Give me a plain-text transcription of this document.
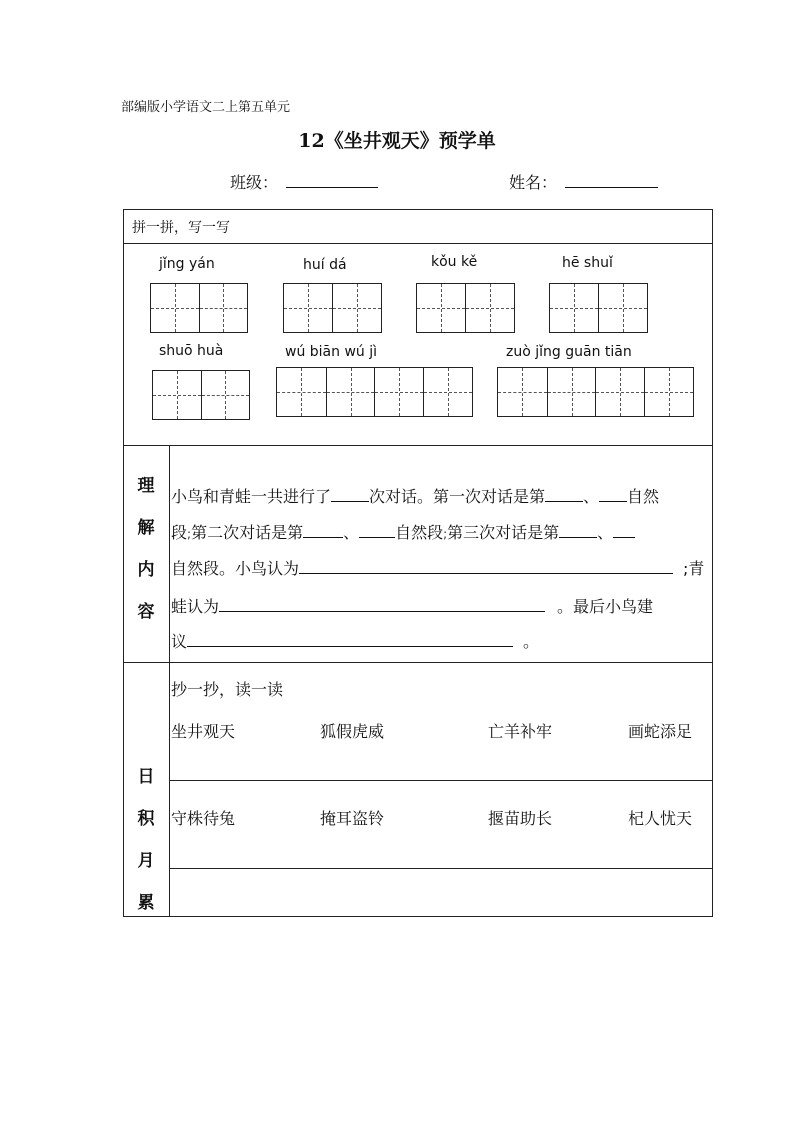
部编版小学语文二上第五单元
12《坐井观天》预学单
班级：	姓名：
拼一拼，写一写
jǐng yán	huí dá	kǒu kě	hē shuǐ
shuō huà	wú biān wú jì	zuò jǐng guān tiān
理
解
内
容
小鸟和青蛙一共进行了 次对话。第一次对话是第 、 自然
段;第二次对话是第	、 自然段;第三次对话是第 、
自然段。小鸟认为	;青
蛙认为	。最后小鸟建
议	。
日
积
月
累
抄一抄，读一读
坐井观天	狐假虎威	亡羊补牢	画蛇添足
守株待兔	掩耳盗铃	揠苗助长	杞人忧天
